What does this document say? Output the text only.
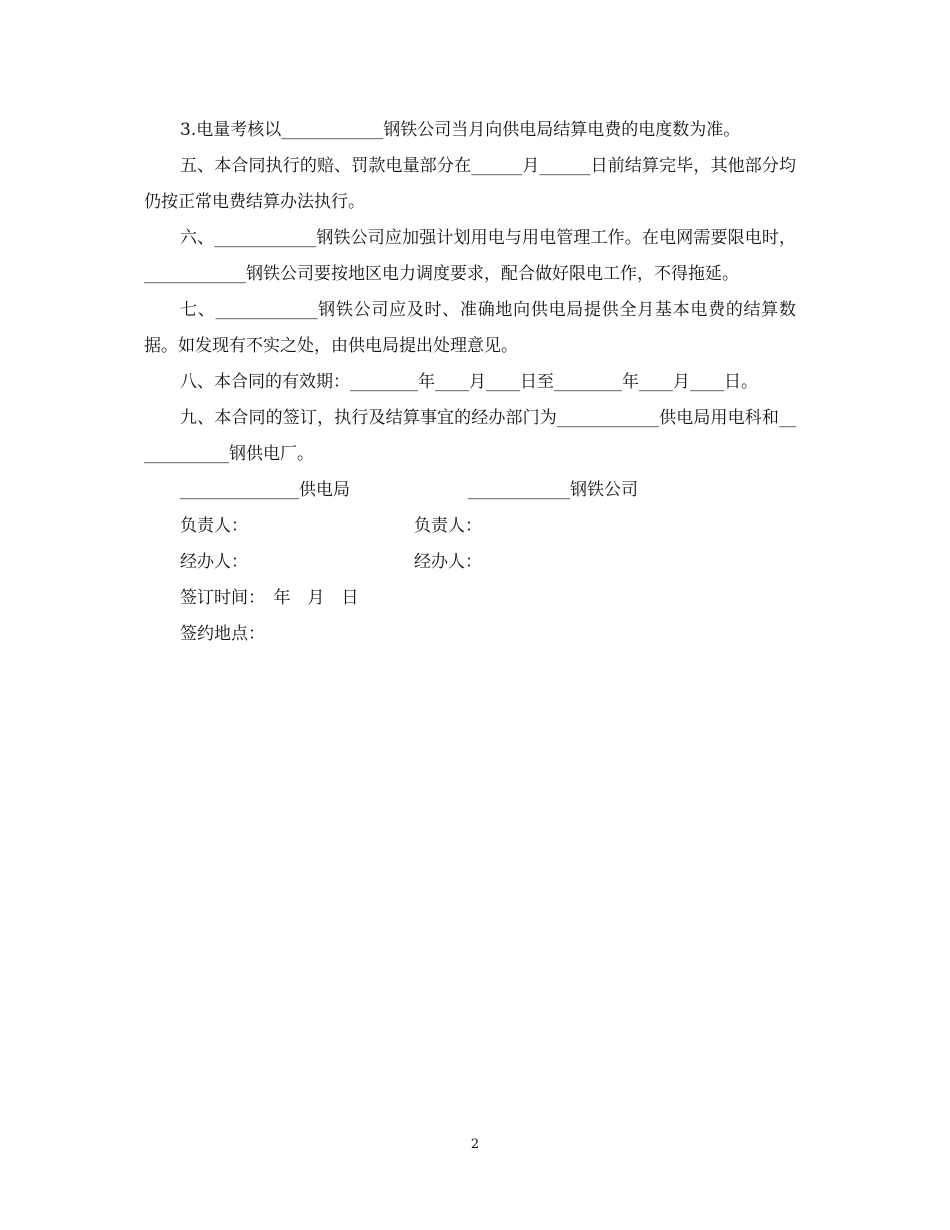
3.电量考核以____________钢铁公司当月向供电局结算电费的电度数为准。

五、本合同执行的赔、罚款电量部分在______月______日前结算完毕，其他部分均仍按正常电费结算办法执行。

六、____________钢铁公司应加强计划用电与用电管理工作。在电网需要限电时，____________钢铁公司要按地区电力调度要求，配合做好限电工作，不得拖延。

七、____________钢铁公司应及时、准确地向供电局提供全月基本电费的结算数据。如发现有不实之处，由供电局提出处理意见。

八、本合同的有效期：________年____月____日至________年____月____日。

九、本合同的签订，执行及结算事宜的经办部门为____________供电局用电科和____________钢供电厂。

______________供电局	____________钢铁公司
负责人：	负责人：
经办人：	经办人：
签订时间：　年　月　日
签约地点：
2
